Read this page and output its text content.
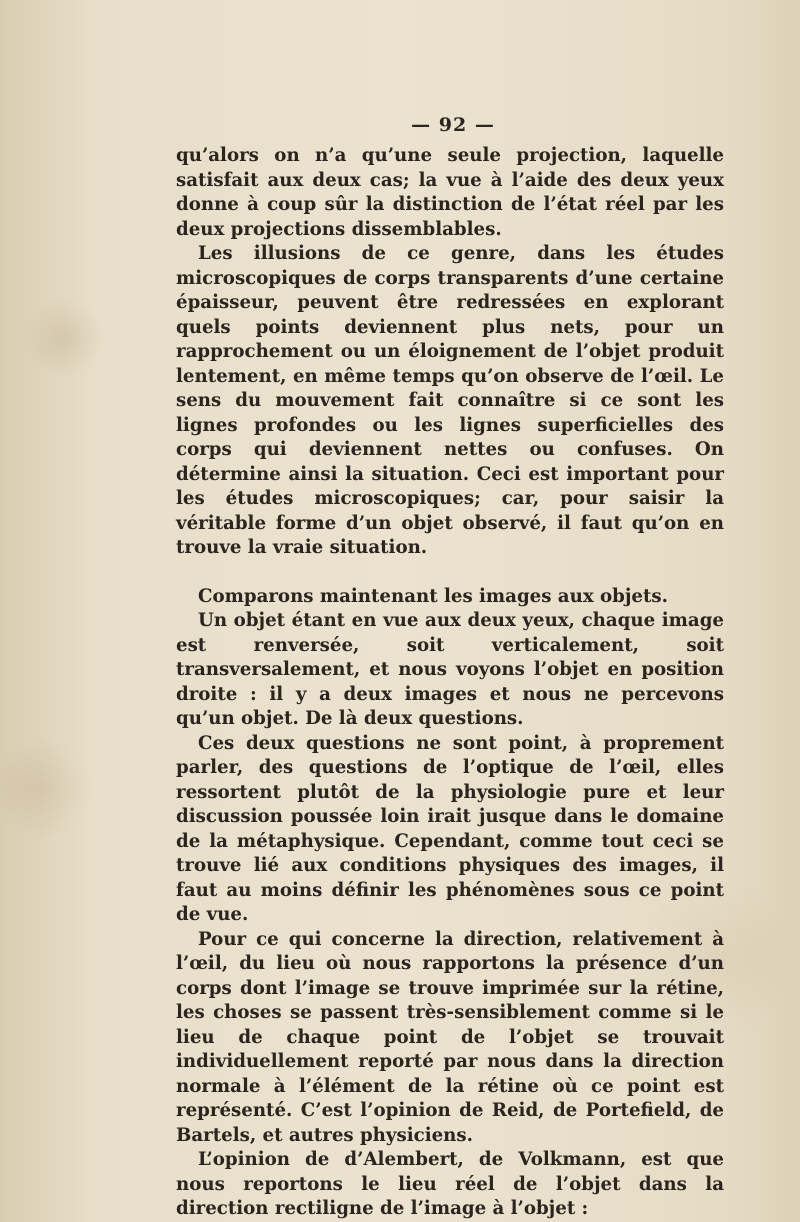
— 92 —

qu’alors on n’a qu’une seule projection, laquelle satisfait aux deux cas; la vue à l’aide des deux yeux donne à coup sûr la distinction de l’état réel par les deux projections dissemblables.

Les illusions de ce genre, dans les études microscopiques de corps transparents d’une certaine épaisseur, peuvent être redressées en explorant quels points deviennent plus nets, pour un rapprochement ou un éloignement de l’objet produit lentement, en même temps qu’on observe de l’œil. Le sens du mouvement fait connaître si ce sont les lignes profondes ou les lignes superficielles des corps qui deviennent nettes ou confuses. On détermine ainsi la situation. Ceci est important pour les études microscopiques; car, pour saisir la véritable forme d’un objet observé, il faut qu’on en trouve la vraie situation.

Comparons maintenant les images aux objets.

Un objet étant en vue aux deux yeux, chaque image est renversée, soit verticalement, soit transversalement, et nous voyons l’objet en position droite : il y a deux images et nous ne percevons qu’un objet. De là deux questions.

Ces deux questions ne sont point, à proprement parler, des questions de l’optique de l’œil, elles ressortent plutôt de la physiologie pure et leur discussion poussée loin irait jusque dans le domaine de la métaphysique. Cependant, comme tout ceci se trouve lié aux conditions physiques des images, il faut au moins définir les phénomènes sous ce point de vue.

Pour ce qui concerne la direction, relativement à l’œil, du lieu où nous rapportons la présence d’un corps dont l’image se trouve imprimée sur la rétine, les choses se passent très-sensiblement comme si le lieu de chaque point de l’objet se trouvait individuellement reporté par nous dans la direction normale à l’élément de la rétine où ce point est représenté. C’est l’opinion de Reid, de Portefield, de Bartels, et autres physiciens.

L’opinion de d’Alembert, de Volkmann, est que nous reportons le lieu réel de l’objet dans la direction rectiligne de l’image à l’objet :
